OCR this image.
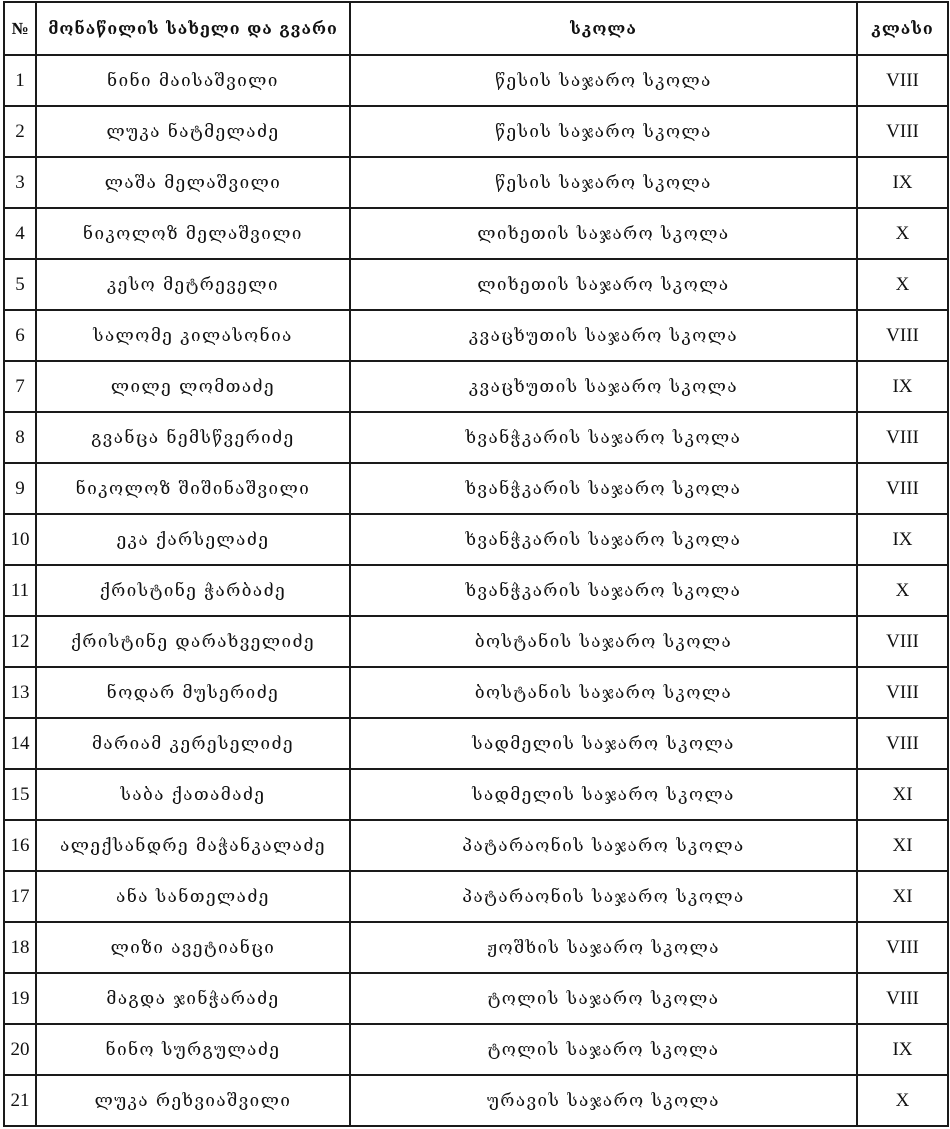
№	მონაწილის სახელი და გვარი	სკოლა	კლასი
1	ნინი მაისაშვილი	წესის საჯარო სკოლა	VIII
2	ლუკა ნატმელაძე	წესის საჯარო სკოლა	VIII
3	ლაშა მელაშვილი	წესის საჯარო სკოლა	IX
4	ნიკოლოზ მელაშვილი	ლიხეთის საჯარო სკოლა	X
5	კესო მეტრეველი	ლიხეთის საჯარო სკოლა	X
6	სალომე კილასონია	კვაცხუთის საჯარო სკოლა	VIII
7	ლილე ლომთაძე	კვაცხუთის საჯარო სკოლა	IX
8	გვანცა ნემსწვერიძე	ხვანჭკარის საჯარო სკოლა	VIII
9	ნიკოლოზ შიშინაშვილი	ხვანჭკარის საჯარო სკოლა	VIII
10	ეკა ქარსელაძე	ხვანჭკარის საჯარო სკოლა	IX
11	ქრისტინე ჭარბაძე	ხვანჭკარის საჯარო სკოლა	X
12	ქრისტინე დარახველიძე	ბოსტანის საჯარო სკოლა	VIII
13	ნოდარ მუსერიძე	ბოსტანის საჯარო სკოლა	VIII
14	მარიამ კერესელიძე	სადმელის საჯარო სკოლა	VIII
15	საბა ქათამაძე	სადმელის საჯარო სკოლა	XI
16	ალექსანდრე მაჭანკალაძე	პატარაონის საჯარო სკოლა	XI
17	ანა სანთელაძე	პატარაონის საჯარო სკოლა	XI
18	ლიზი ავეტიანცი	ჟოშხის საჯარო სკოლა	VIII
19	მაგდა ჯინჭარაძე	ტოლის საჯარო სკოლა	VIII
20	ნინო სურგულაძე	ტოლის საჯარო სკოლა	IX
21	ლუკა რეხვიაშვილი	ურავის საჯარო სკოლა	X
